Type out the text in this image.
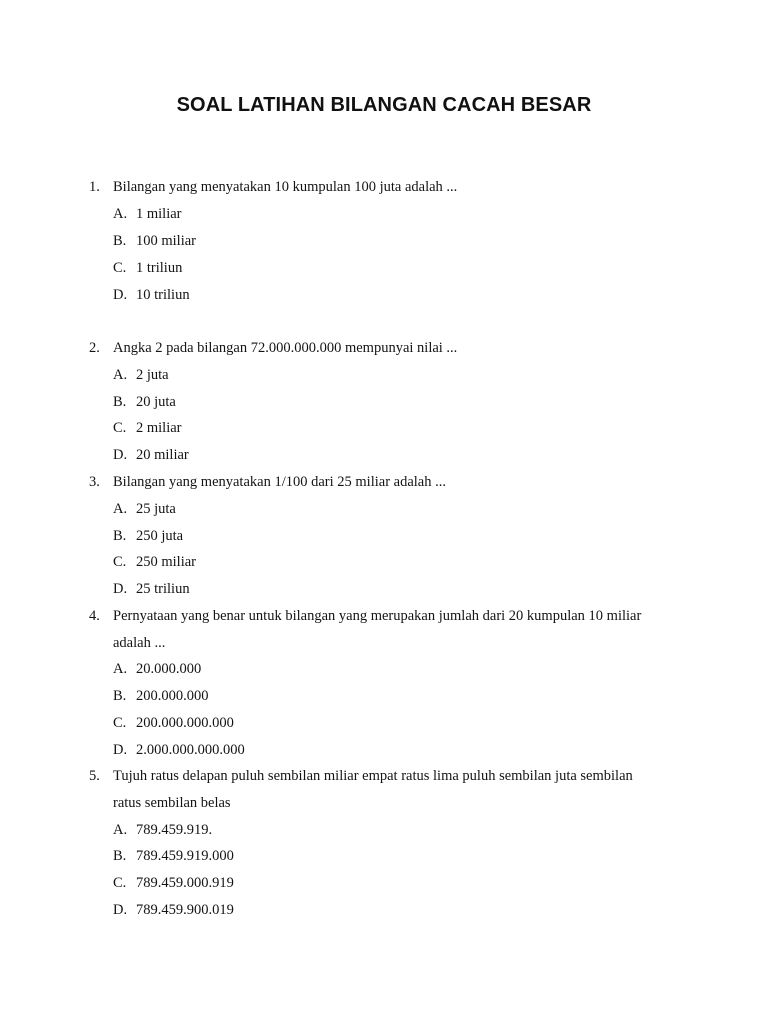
SOAL LATIHAN BILANGAN CACAH BESAR
1. Bilangan yang menyatakan 10 kumpulan 100 juta adalah ...
A. 1 miliar
B. 100 miliar
C. 1 triliun
D. 10 triliun
2. Angka 2 pada bilangan 72.000.000.000 mempunyai nilai ...
A. 2 juta
B. 20 juta
C. 2 miliar
D. 20 miliar
3. Bilangan yang menyatakan 1/100 dari 25 miliar adalah ...
A. 25 juta
B. 250 juta
C. 250 miliar
D. 25 triliun
4. Pernyataan yang benar untuk bilangan yang merupakan jumlah dari 20 kumpulan 10 miliar
adalah ...
A. 20.000.000
B. 200.000.000
C. 200.000.000.000
D. 2.000.000.000.000
5. Tujuh ratus delapan puluh sembilan miliar empat ratus lima puluh sembilan juta sembilan
ratus sembilan belas
A. 789.459.919.
B. 789.459.919.000
C. 789.459.000.919
D. 789.459.900.019
